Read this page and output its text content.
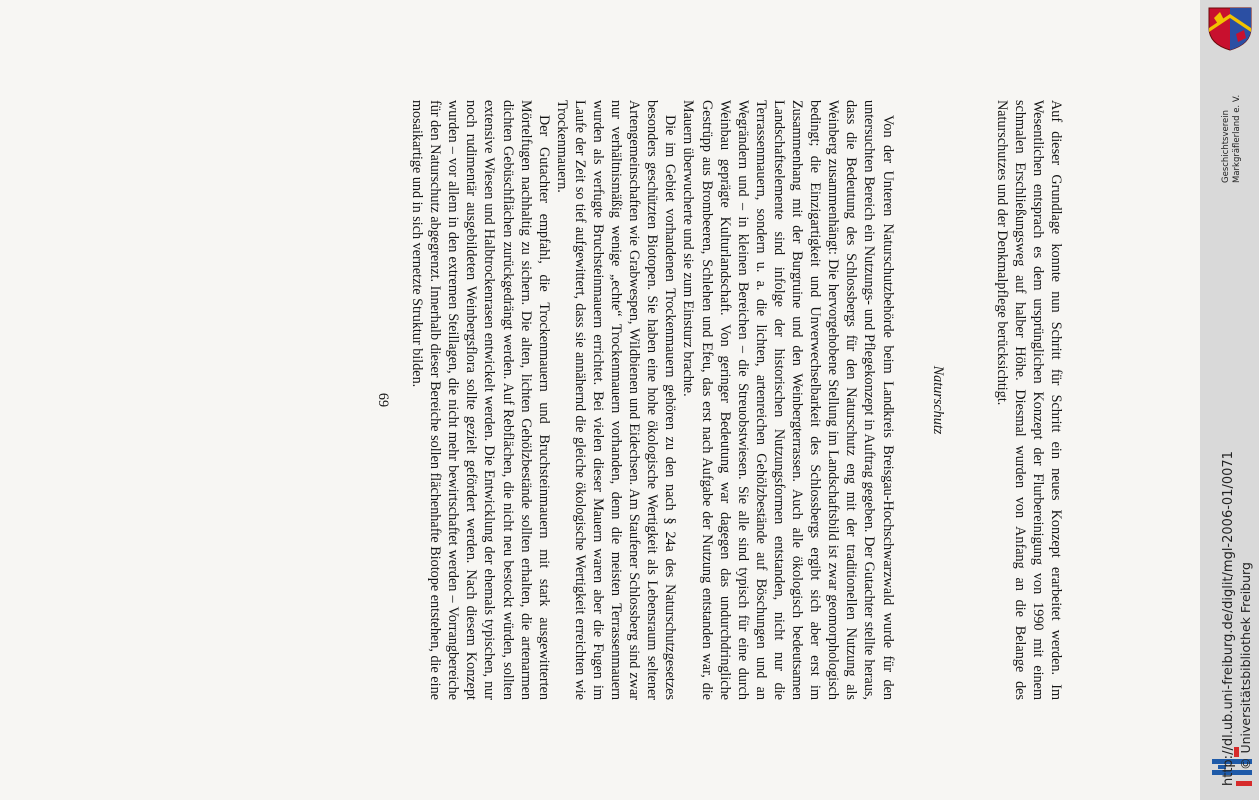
Auf dieser Grundlage konnte nun Schritt für Schritt ein neues Konzept erarbeitet werden. Im Wesentlichen entsprach es dem ursprünglichen Konzept der Flurbereinigung von 1990 mit einem schmalen Erschließungsweg auf halber Höhe. Diesmal wurden von Anfang an die Belange des Naturschutzes und der Denkmalpflege berücksichtigt.

Naturschutz

Von der Unteren Naturschutzbehörde beim Landkreis Breisgau-Hochschwarzwald wurde für den untersuchten Bereich ein Nutzungs- und Pflegekonzept in Auftrag gegeben. Der Gutachter stellte heraus, dass die Bedeutung des Schlossbergs für den Naturschutz eng mit der traditionellen Nutzung als Weinberg zusammenhängt: Die hervorgehobene Stellung im Landschaftsbild ist zwar geomorphologisch bedingt; die Einzigartigkeit und Unverwechselbarkeit des Schlossbergs ergibt sich aber erst im Zusammenhang mit der Burgruine und den Weinbergterrassen. Auch alle ökologisch bedeutsamen Landschaftselemente sind infolge der historischen Nutzungsformen entstanden, nicht nur die Terrassenmauern, sondern u. a. die lichten, artenreichen Gehölzbestände auf Böschungen und an Wegrändern und – in kleinen Bereichen – die Streuobstwiesen. Sie alle sind typisch für eine durch Weinbau geprägte Kulturlandschaft. Von geringer Bedeutung war dagegen das undurchdringliche Gestrüpp aus Brombeeren, Schlehen und Efeu, das erst nach Aufgabe der Nutzung entstanden war, die Mauern überwucherte und sie zum Einsturz brachte.

Die im Gebiet vorhandenen Trockenmauern gehören zu den nach § 24a des Naturschutzgesetzes besonders geschützten Biotopen. Sie haben eine hohe ökologische Wertigkeit als Lebensraum seltener Artengemeinschaften wie Grabwespen, Wildbienen und Eidechsen. Am Staufener Schlossberg sind zwar nur verhältnismäßig wenige „echte“ Trockenmauern vorhanden, denn die meisten Terrassenmauern wurden als verfugte Bruchsteinmauern errichtet. Bei vielen dieser Mauern waren aber die Fugen im Laufe der Zeit so tief aufgewittert, dass sie annähernd die gleiche ökologische Wertigkeit erreichten wie Trockenmauern.

Der Gutachter empfahl, die Trockenmauern und Bruchsteinmauern mit stark ausgewitterten Mörtelfugen nachhaltig zu sichern. Die alten, lichten Gehölzbestände sollten erhalten, die artenarmen dichten Gebüschflächen zurückgedrängt werden. Auf Rebflächen, die nicht neu bestockt würden, sollten extensive Wiesen und Halbtrockenrasen entwickelt werden. Die Entwicklung der ehemals typischen, nur noch rudimentär ausgebildeten Weinbergsflora sollte gezielt gefördert werden. Nach diesem Konzept wurden – vor allem in den extremen Steillagen, die nicht mehr bewirtschaftet werden – Vorrangbereiche für den Naturschutz abgegrenzt. Innerhalb dieser Bereiche sollen flächenhafte Biotope entstehen, die eine mosaikartige und in sich vernetzte Struktur bilden.

69

http://dl.ub.uni-freiburg.de/diglit/mgl-2006-01/0071 © Universitätsbibliothek Freiburg
Geschichtsverein Markgräflerland e. V.
